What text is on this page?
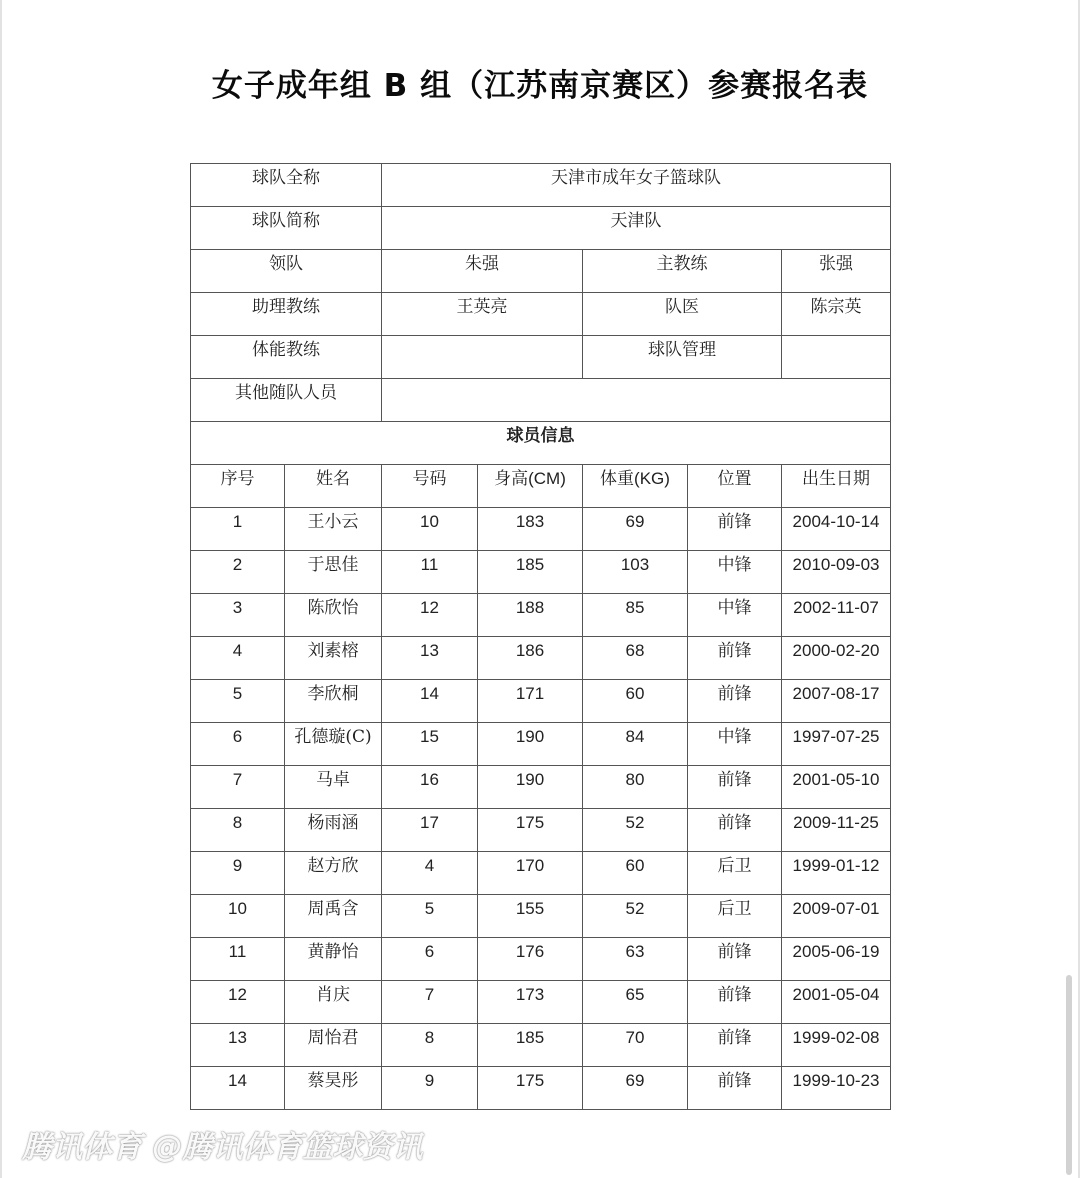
女子成年组 B 组（江苏南京赛区）参赛报名表
球队全称		天津市成年女子篮球队				
球队简称		天津队				
领队		朱强		主教练		张强
助理教练		王英亮		队医		陈宗英
体能教练				球队管理		
其他随队人员						
球员信息						
序号	姓名	号码	身高(CM)	体重(KG)	位置	出生日期
1	王小云	10	183	69	前锋	2004-10-14
2	于思佳	11	185	103	中锋	2010-09-03
3	陈欣怡	12	188	85	中锋	2002-11-07
4	刘素榕	13	186	68	前锋	2000-02-20
5	李欣桐	14	171	60	前锋	2007-08-17
6	孔德璇(C)	15	190	84	中锋	1997-07-25
7	马卓	16	190	80	前锋	2001-05-10
8	杨雨涵	17	175	52	前锋	2009-11-25
9	赵方欣	4	170	60	后卫	1999-01-12
10	周禹含	5	155	52	后卫	2009-07-01
11	黄静怡	6	176	63	前锋	2005-06-19
12	肖庆	7	173	65	前锋	2001-05-04
13	周怡君	8	185	70	前锋	1999-02-08
14	蔡昊彤	9	175	69	前锋	1999-10-23
腾讯体育 @腾讯体育篮球资讯
